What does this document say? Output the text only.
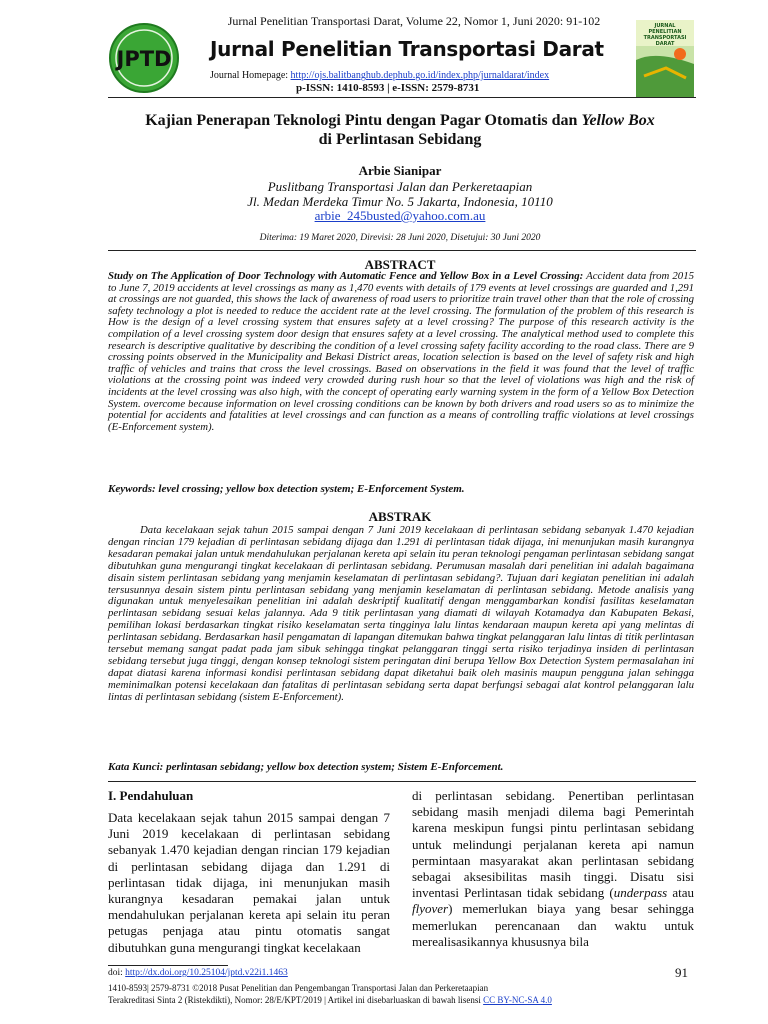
Jurnal Penelitian Transportasi Darat, Volume 22, Nomor 1, Juni 2020: 91-102
JPTD Jurnal Penelitian Transportasi Darat
Journal Homepage: http://ojs.balitbanghub.dephub.go.id/index.php/jurnaldarat/index
p-ISSN: 1410-8593 | e-ISSN: 2579-8731
JURNAL PENELITIAN TRANSPORTASI DARAT
Kajian Penerapan Teknologi Pintu dengan Pagar Otomatis dan Yellow Box
di Perlintasan Sebidang
Arbie Sianipar
Puslitbang Transportasi Jalan dan Perkeretaapian
Jl. Medan Merdeka Timur No. 5 Jakarta, Indonesia, 10110
arbie_245busted@yahoo.com.au
Diterima: 19 Maret 2020, Direvisi: 28 Juni 2020, Disetujui: 30 Juni 2020
ABSTRACT
Study on The Application of Door Technology with Automatic Fence and Yellow Box in a Level Crossing: Accident data from 2015 to June 7, 2019 accidents at level crossings as many as 1,470 events with details of 179 events at level crossings are guarded and 1,291 at crossings are not guarded, this shows the lack of awareness of road users to prioritize train travel other than that the role of crossing safety technology a plot is needed to reduce the accident rate at the level crossing. The formulation of the problem of this research is How is the design of a level crossing system that ensures safety at a level crossing? The purpose of this research activity is the compilation of a level crossing system door design that ensures safety at a level crossing. The analytical method used to complete this research is descriptive qualitative by describing the condition of a level crossing safety facility according to the road class. There are 9 crossing points observed in the Municipality and Bekasi District areas, location selection is based on the level of safety risk and high traffic of vehicles and trains that cross the level crossings. Based on observations in the field it was found that the level of traffic violations at the crossing point was indeed very crowded during rush hour so that the level of violations was high and the risk of incidents at the level crossing was also high, with the concept of operating early warning system in the form of a Yellow Box Detection System. overcome because information on level crossing conditions can be known by both drivers and road users so as to minimize the potential for accidents and fatalities at level crossings and can function as a means of controlling traffic violations at level crossings (E-Enforcement system).
Keywords: level crossing; yellow box detection system; E-Enforcement System.
ABSTRAK
Data kecelakaan sejak tahun 2015 sampai dengan 7 Juni 2019 kecelakaan di perlintasan sebidang sebanyak 1.470 kejadian dengan rincian 179 kejadian di perlintasan sebidang dijaga dan 1.291 di perlintasan tidak dijaga, ini menunjukan masih kurangnya kesadaran pemakai jalan untuk mendahulukan perjalanan kereta api selain itu peran teknologi pengaman perlintasan sebidang sangat dibutuhkan guna mengurangi tingkat kecelakaan di perlintasan sebidang. Perumusan masalah dari penelitian ini adalah bagaimana disain sistem perlintasan sebidang yang menjamin keselamatan di perlintasan sebidang?. Tujuan dari kegiatan penelitian ini adalah tersusunnya desain sistem pintu perlintasan sebidang yang menjamin keselamatan di perlintasan sebidang. Metode analisis yang digunakan untuk menyelesaikan penelitian ini adalah deskriptif kualitatif dengan menggambarkan kondisi fasilitas keselamatan perlintasan sebidang sesuai kelas jalannya. Ada 9 titik perlintasan yang diamati di wilayah Kotamadya dan Kabupaten Bekasi, pemilihan lokasi berdasarkan tingkat risiko keselamatan serta tingginya lalu lintas kendaraan maupun kereta api yang melintas di perlintasan sebidang. Berdasarkan hasil pengamatan di lapangan ditemukan bahwa tingkat pelanggaran lalu lintas di titik perlintasan tersebut memang sangat padat pada jam sibuk sehingga tingkat pelanggaran tinggi serta risiko terjadinya insiden di perlintasan sebidang tersebut juga tinggi, dengan konsep teknologi sistem peringatan dini berupa Yellow Box Detection System permasalahan ini dapat diatasi karena informasi kondisi perlintasan sebidang dapat diketahui baik oleh masinis maupun pengguna jalan sehingga meminimalkan potensi kecelakaan dan fatalitas di perlintasan sebidang serta dapat berfungsi sebagai alat kontrol pelanggaran lalu lintas di perlintasan sebidang (sistem E-Enforcement).
Kata Kunci: perlintasan sebidang; yellow box detection system; Sistem E-Enforcement.
I. Pendahuluan
Data kecelakaan sejak tahun 2015 sampai dengan 7 Juni 2019 kecelakaan di perlintasan sebidang sebanyak 1.470 kejadian dengan rincian 179 kejadian di perlintasan sebidang dijaga dan 1.291 di perlintasan tidak dijaga, ini menunjukan masih kurangnya kesadaran pemakai jalan untuk mendahulukan perjalanan kereta api selain itu peran petugas penjaga atau pintu otomatis sangat dibutuhkan guna mengurangi tingkat kecelakaan
di perlintasan sebidang. Penertiban perlintasan sebidang masih menjadi dilema bagi Pemerintah karena meskipun fungsi pintu perlintasan sebidang untuk melindungi perjalanan kereta api namun permintaan masyarakat akan perlintasan sebidang sebagai aksesibilitas masih tinggi. Disatu sisi inventasi Perlintasan tidak sebidang (underpass atau flyover) memerlukan biaya yang besar sehingga memerlukan perencanaan dan waktu untuk merealisasikannya khususnya bila
doi: http://dx.doi.org/10.25104/jptd.v22i1.1463	91
1410-8593| 2579-8731 ©2018 Pusat Penelitian dan Pengembangan Transportasi Jalan dan Perkeretaapian
Terakreditasi Sinta 2 (Ristekdikti), Nomor: 28/E/KPT/2019 | Artikel ini disebarluaskan di bawah lisensi CC BY-NC-SA 4.0
